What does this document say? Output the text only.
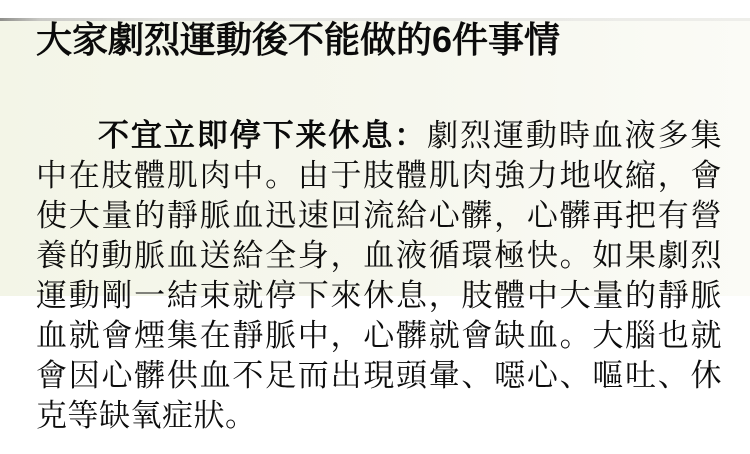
大家劇烈運動後不能做的6件事情

不宜立即停下来休息：劇烈運動時血液多集中在肢體肌肉中。由于肢體肌肉強力地收縮，會使大量的靜脈血迅速回流給心髒，心髒再把有營養的動脈血送給全身，血液循環極快。如果劇烈運動剛一結束就停下來休息，肢體中大量的靜脈血就會煙集在靜脈中，心髒就會缺血。大腦也就會因心髒供血不足而出現頭暈、噁心、嘔吐、休克等缺氧症狀。
